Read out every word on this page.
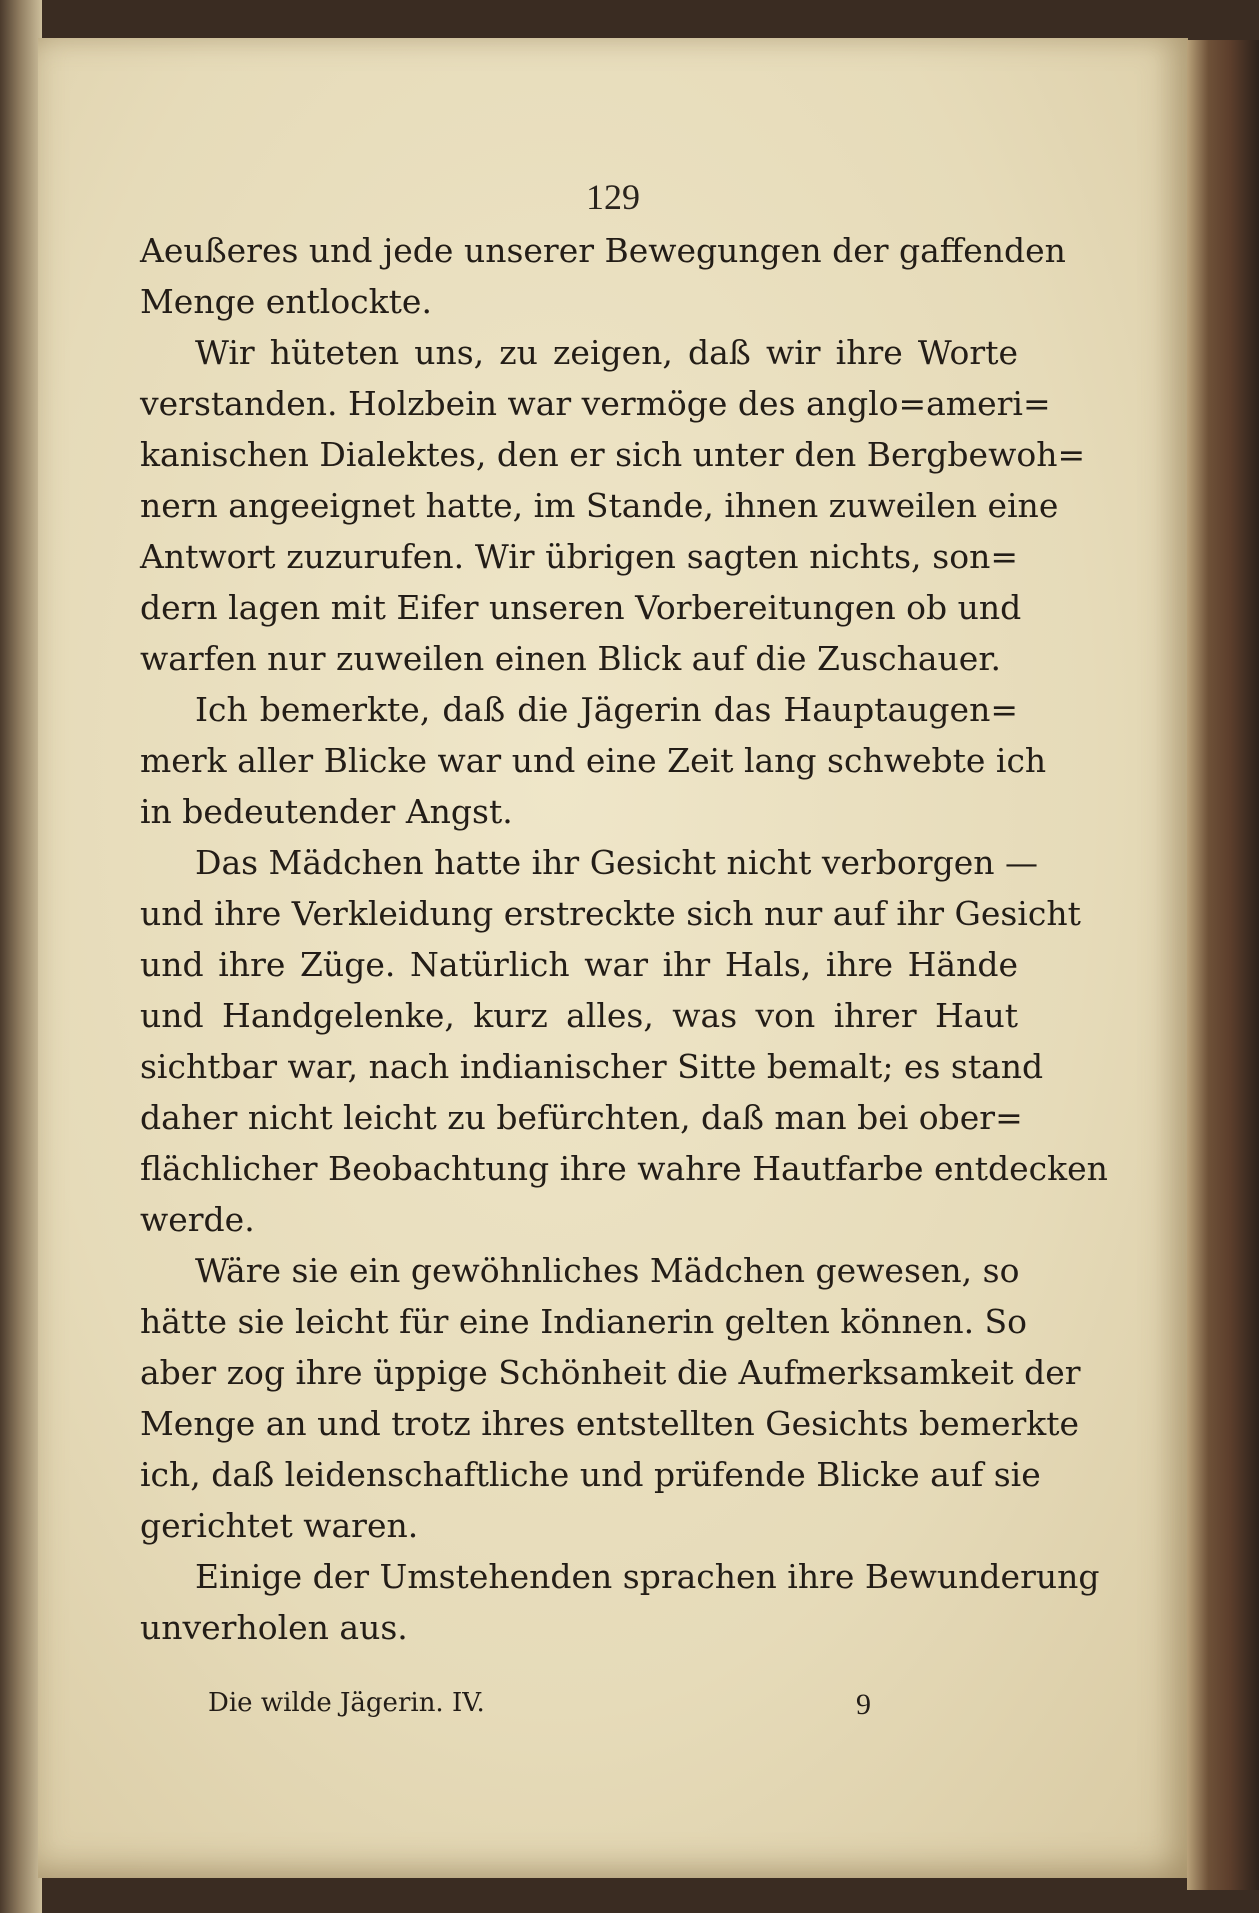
129
Aeußeres und jede unserer Bewegungen der gaffenden
Menge entlockte.
Wir hüteten uns, zu zeigen, daß wir ihre Worte
verstanden. Holzbein war vermöge des anglo=ameri=
kanischen Dialektes, den er sich unter den Bergbewoh=
nern angeeignet hatte, im Stande, ihnen zuweilen eine
Antwort zuzurufen. Wir übrigen sagten nichts, son=
dern lagen mit Eifer unseren Vorbereitungen ob und
warfen nur zuweilen einen Blick auf die Zuschauer.
Ich bemerkte, daß die Jägerin das Hauptaugen=
merk aller Blicke war und eine Zeit lang schwebte ich
in bedeutender Angst.
Das Mädchen hatte ihr Gesicht nicht verborgen —
und ihre Verkleidung erstreckte sich nur auf ihr Gesicht
und ihre Züge. Natürlich war ihr Hals, ihre Hände
und Handgelenke, kurz alles, was von ihrer Haut
sichtbar war, nach indianischer Sitte bemalt; es stand
daher nicht leicht zu befürchten, daß man bei ober=
flächlicher Beobachtung ihre wahre Hautfarbe entdecken
werde.
Wäre sie ein gewöhnliches Mädchen gewesen, so
hätte sie leicht für eine Indianerin gelten können. So
aber zog ihre üppige Schönheit die Aufmerksamkeit der
Menge an und trotz ihres entstellten Gesichts bemerkte
ich, daß leidenschaftliche und prüfende Blicke auf sie
gerichtet waren.
Einige der Umstehenden sprachen ihre Bewunderung
unverholen aus.
Die wilde Jägerin. IV.	9
